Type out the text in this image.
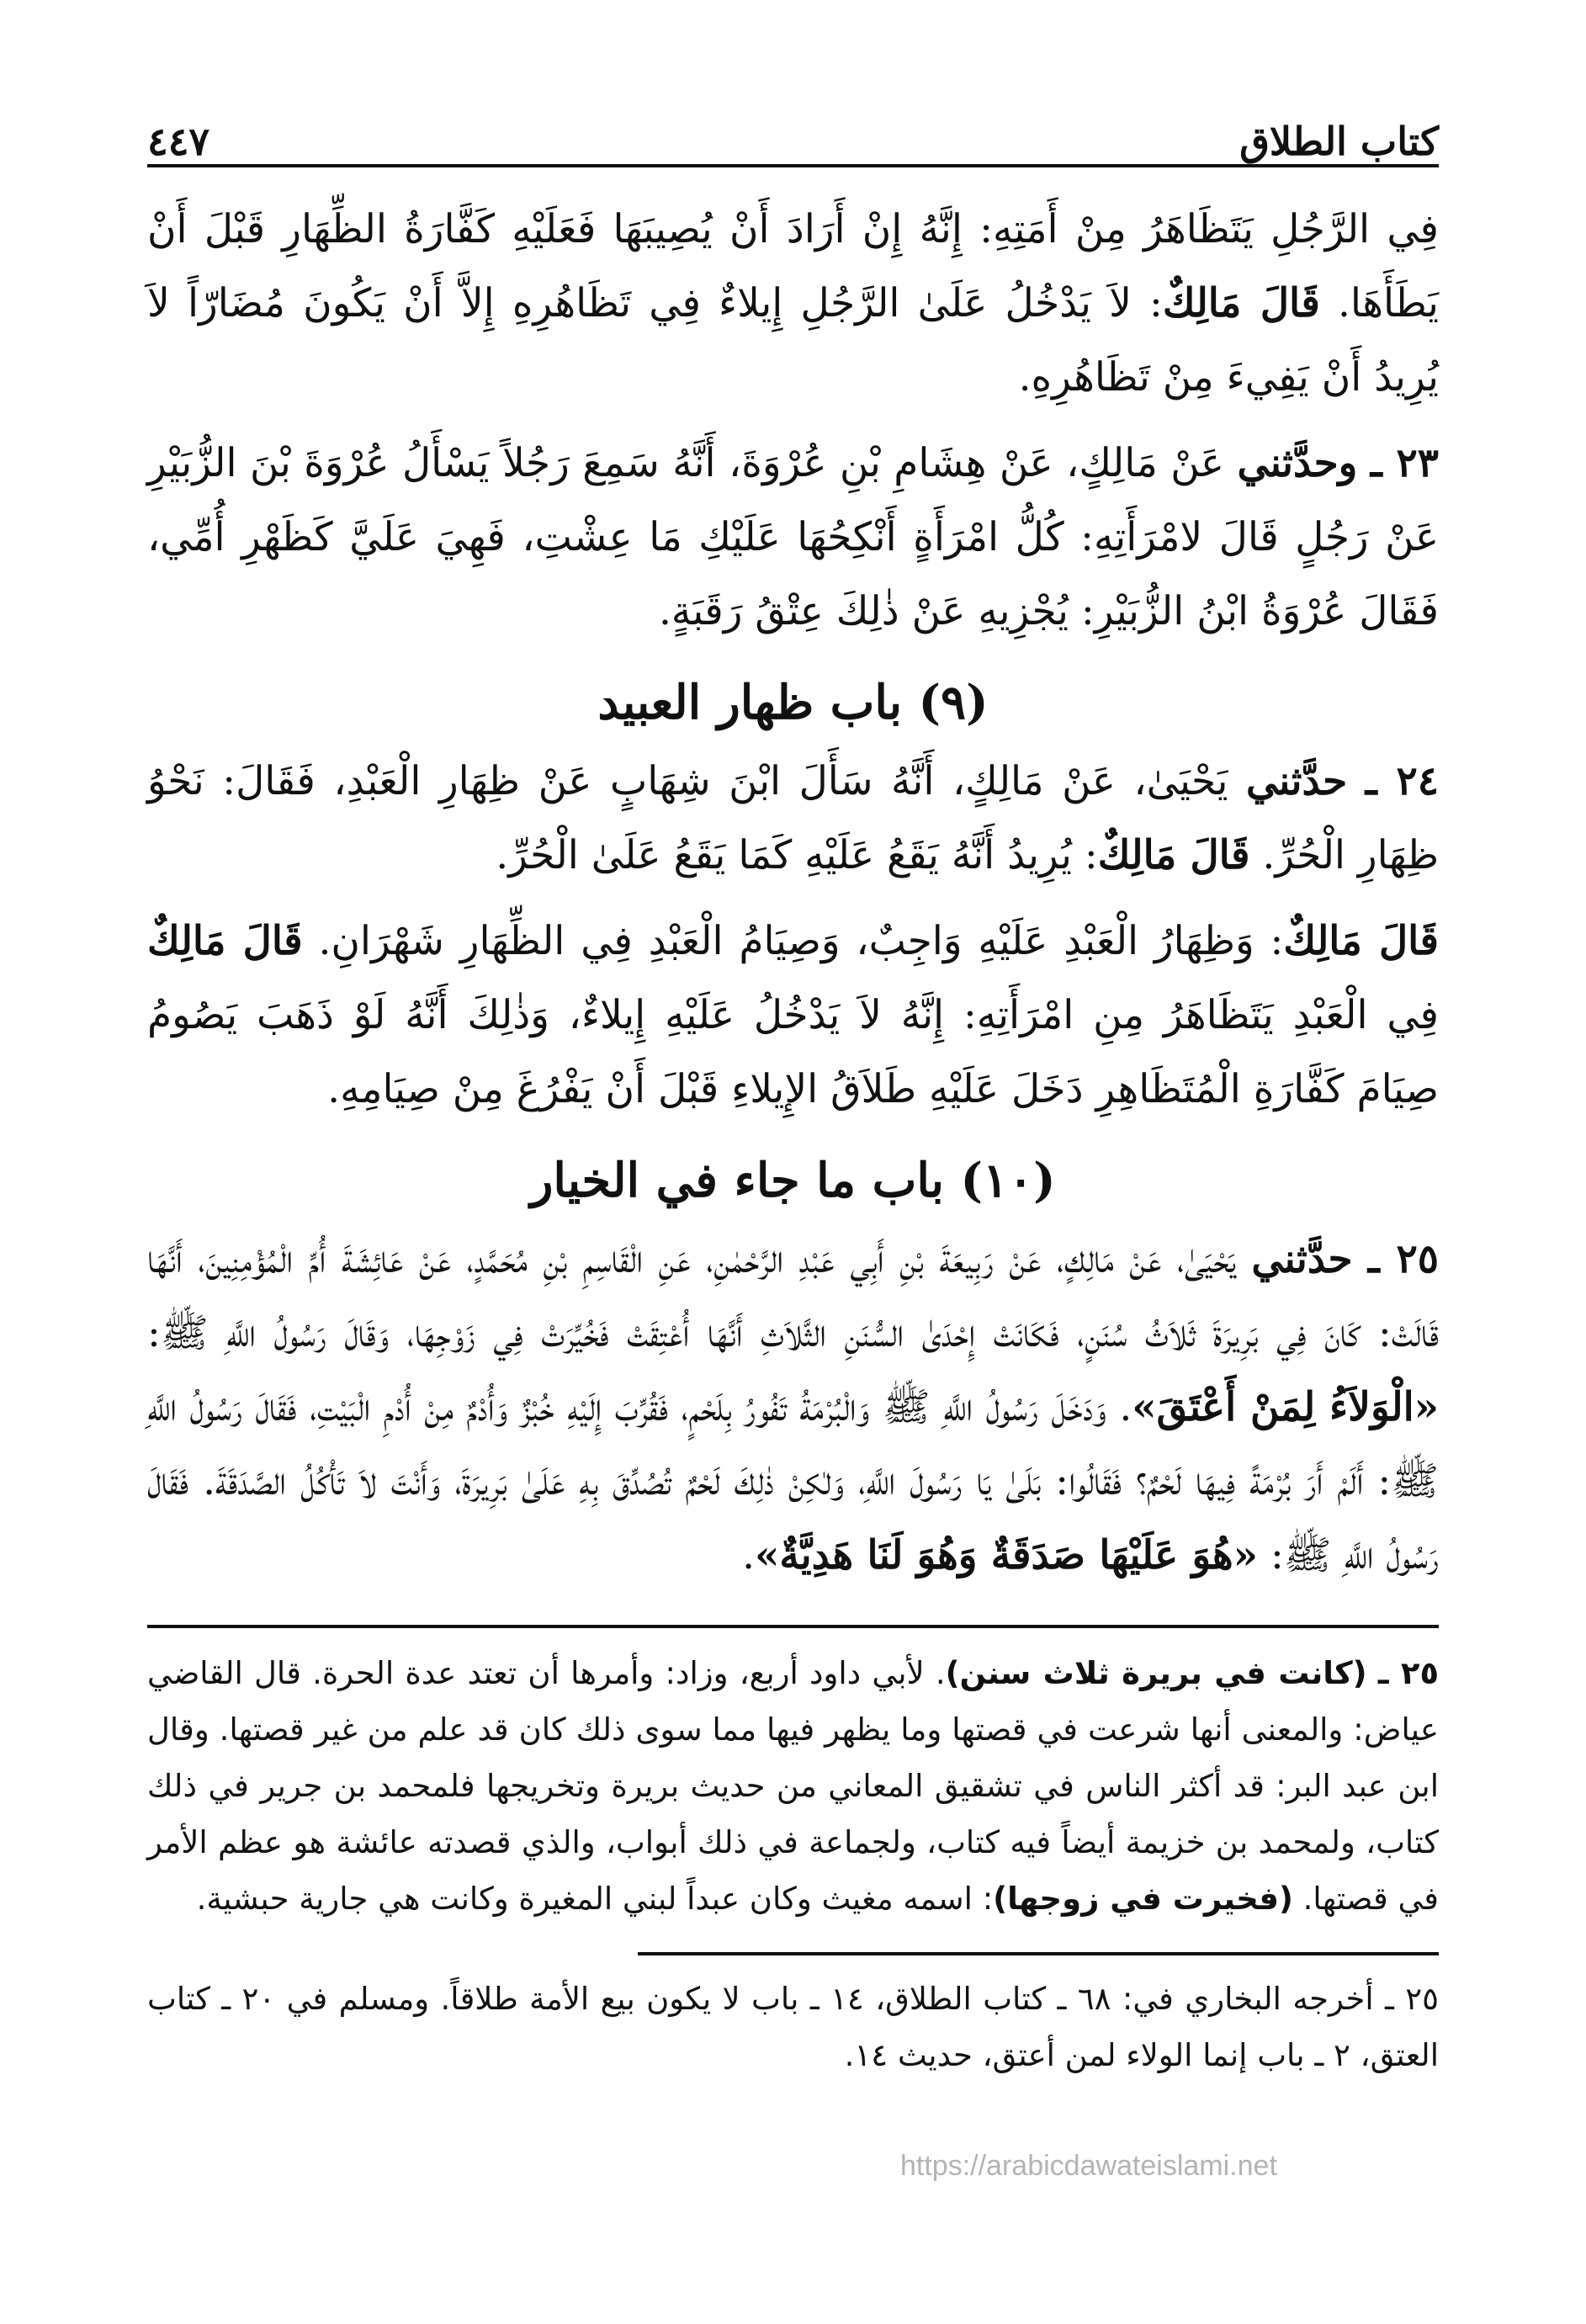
كتاب الطلاق
٤٤٧

فِي الرَّجُلِ يَتَظَاهَرُ مِنْ أَمَتِهِ: إِنَّهُ إِنْ أَرَادَ أَنْ يُصِيبَهَا فَعَلَيْهِ كَفَّارَةُ الظِّهَارِ قَبْلَ أَنْ يَطَأَهَا. قَالَ مَالِكٌ: لاَ يَدْخُلُ عَلَىٰ الرَّجُلِ إِيلاءٌ فِي تَظَاهُرِهِ إِلاَّ أَنْ يَكُونَ مُضَارّاً لاَ يُرِيدُ أَنْ يَفِيءَ مِنْ تَظَاهُرِهِ.

٢٣ ـ وحدَّثني عَنْ مَالِكٍ، عَنْ هِشَامِ بْنِ عُرْوَةَ، أَنَّهُ سَمِعَ رَجُلاً يَسْأَلُ عُرْوَةَ بْنَ الزُّبَيْرِ عَنْ رَجُلٍ قَالَ لامْرَأَتِهِ: كُلُّ امْرَأَةٍ أَنْكِحُهَا عَلَيْكِ مَا عِشْتِ، فَهِيَ عَلَيَّ كَظَهْرِ أُمِّي، فَقَالَ عُرْوَةُ ابْنُ الزُّبَيْرِ: يُجْزِيهِ عَنْ ذٰلِكَ عِتْقُ رَقَبَةٍ.

(٩) باب ظهار العبيد

٢٤ ـ حدَّثني يَحْيَىٰ، عَنْ مَالِكٍ، أَنَّهُ سَأَلَ ابْنَ شِهَابٍ عَنْ ظِهَارِ الْعَبْدِ، فَقَالَ: نَحْوُ ظِهَارِ الْحُرِّ. قَالَ مَالِكٌ: يُرِيدُ أَنَّهُ يَقَعُ عَلَيْهِ كَمَا يَقَعُ عَلَىٰ الْحُرِّ.

قَالَ مَالِكٌ: وَظِهَارُ الْعَبْدِ عَلَيْهِ وَاجِبٌ، وَصِيَامُ الْعَبْدِ فِي الظِّهَارِ شَهْرَانِ. قَالَ مَالِكٌ فِي الْعَبْدِ يَتَظَاهَرُ مِنِ امْرَأَتِهِ: إِنَّهُ لاَ يَدْخُلُ عَلَيْهِ إِيلاءٌ، وَذٰلِكَ أَنَّهُ لَوْ ذَهَبَ يَصُومُ صِيَامَ كَفَّارَةِ الْمُتَظَاهِرِ دَخَلَ عَلَيْهِ طَلاَقُ الإِيلاءِ قَبْلَ أَنْ يَفْرُغَ مِنْ صِيَامِهِ.

(١٠) باب ما جاء في الخيار

٢٥ ـ حدَّثني يَحْيَىٰ، عَنْ مَالِكٍ، عَنْ رَبِيعَةَ بْنِ أَبِي عَبْدِ الرَّحْمٰنِ، عَنِ الْقَاسِمِ بْنِ مُحَمَّدٍ، عَنْ عَائِشَةَ أُمِّ الْمُؤْمِنِينَ، أَنَّهَا قَالَتْ: كَانَ فِي بَرِيرَةَ ثَلاَثُ سُنَنٍ، فَكَانَتْ إِحْدَىٰ السُّنَنِ الثَّلاَثِ أَنَّهَا أُعْتِقَتْ فَخُيِّرَتْ فِي زَوْجِهَا، وَقَالَ رَسُولُ اللَّهِ ﷺ: «الْوَلاَءُ لِمَنْ أَعْتَقَ». وَدَخَلَ رَسُولُ اللَّهِ ﷺ وَالْبُرْمَةُ تَفُورُ بِلَحْمٍ، فَقُرِّبَ إِلَيْهِ خُبْزٌ وَأُدْمٌ مِنْ أُدْمِ الْبَيْتِ، فَقَالَ رَسُولُ اللَّهِ ﷺ: أَلَمْ أَرَ بُرْمَةً فِيهَا لَحْمٌ؟ فَقَالُوا: بَلَىٰ يَا رَسُولَ اللَّهِ، وَلٰكِنْ ذٰلِكَ لَحْمٌ تُصُدِّقَ بِهِ عَلَىٰ بَرِيرَةَ، وَأَنْتَ لاَ تَأْكُلُ الصَّدَقَةَ. فَقَالَ رَسُولُ اللَّهِ ﷺ: «هُوَ عَلَيْهَا صَدَقَةٌ وَهُوَ لَنَا هَدِيَّةٌ».

٢٥ ـ (كانت في بريرة ثلاث سنن). لأبي داود أربع، وزاد: وأمرها أن تعتد عدة الحرة. قال القاضي عياض: والمعنى أنها شرعت في قصتها وما يظهر فيها مما سوى ذلك كان قد علم من غير قصتها. وقال ابن عبد البر: قد أكثر الناس في تشقيق المعاني من حديث بريرة وتخريجها فلمحمد بن جرير في ذلك كتاب، ولمحمد بن خزيمة أيضاً فيه كتاب، ولجماعة في ذلك أبواب، والذي قصدته عائشة هو عظم الأمر في قصتها. (فخيرت في زوجها): اسمه مغيث وكان عبداً لبني المغيرة وكانت هي جارية حبشية.

٢٥ ـ أخرجه البخاري في: ٦٨ ـ كتاب الطلاق، ١٤ ـ باب لا يكون بيع الأمة طلاقاً. ومسلم في ٢٠ ـ كتاب العتق، ٢ ـ باب إنما الولاء لمن أعتق، حديث ١٤.

https://arabicdawateislami.net
